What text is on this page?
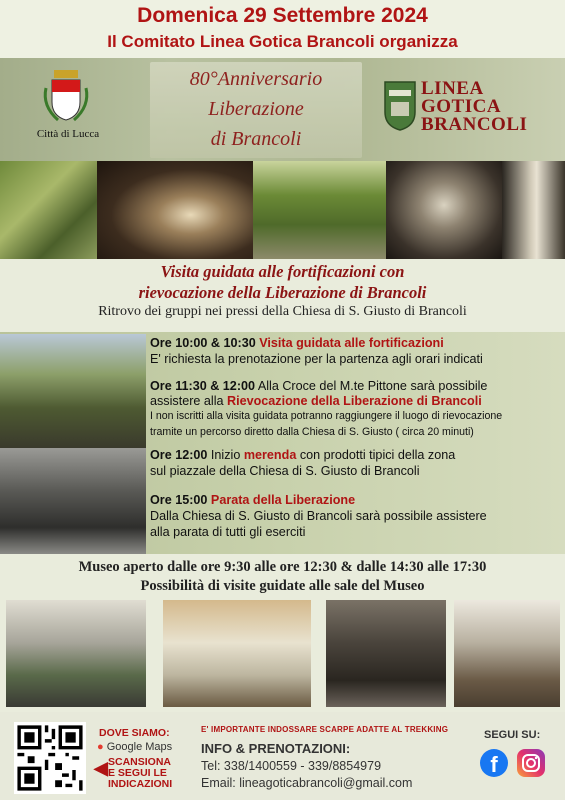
Domenica 29 Settembre 2024
Il Comitato Linea Gotica Brancoli organizza
Città di Lucca
80°Anniversario
Liberazione
di Brancoli
LINEA
GOTICA
BRANCOLI
Visita guidata alle fortificazioni con
rievocazione della Liberazione di Brancoli
Ritrovo dei gruppi nei pressi della Chiesa di S. Giusto di Brancoli
Ore 10:00 & 10:30 Visita guidata alle fortificazioni
E' richiesta la prenotazione per la partenza agli orari indicati
Ore 11:30 & 12:00 Alla Croce del M.te Pittone sarà possibile
assistere alla Rievocazione della Liberazione di Brancoli
I non iscritti alla visita guidata potranno raggiungere il luogo di rievocazione
tramite un percorso diretto dalla Chiesa di S. Giusto ( circa 20 minuti)
Ore 12:00 Inizio merenda con prodotti tipici della zona
sul piazzale della Chiesa di S. Giusto di Brancoli
Ore 15:00 Parata della Liberazione
Dalla Chiesa di S. Giusto di Brancoli sarà possibile assistere
alla parata di tutti gli eserciti
Museo aperto dalle ore 9:30 alle ore 12:30 & dalle 14:30 alle 17:30
Possibilità di visite guidate alle sale del Museo
DOVE SIAMO:
● Google Maps
◀ SCANSIONA
E SEGUI LE
INDICAZIONI
E' IMPORTANTE INDOSSARE SCARPE ADATTE AL TREKKING
INFO & PRENOTAZIONI:
Tel: 338/1400559 - 339/8854979
Email: lineagoticabrancoli@gmail.com
SEGUI SU:
f
